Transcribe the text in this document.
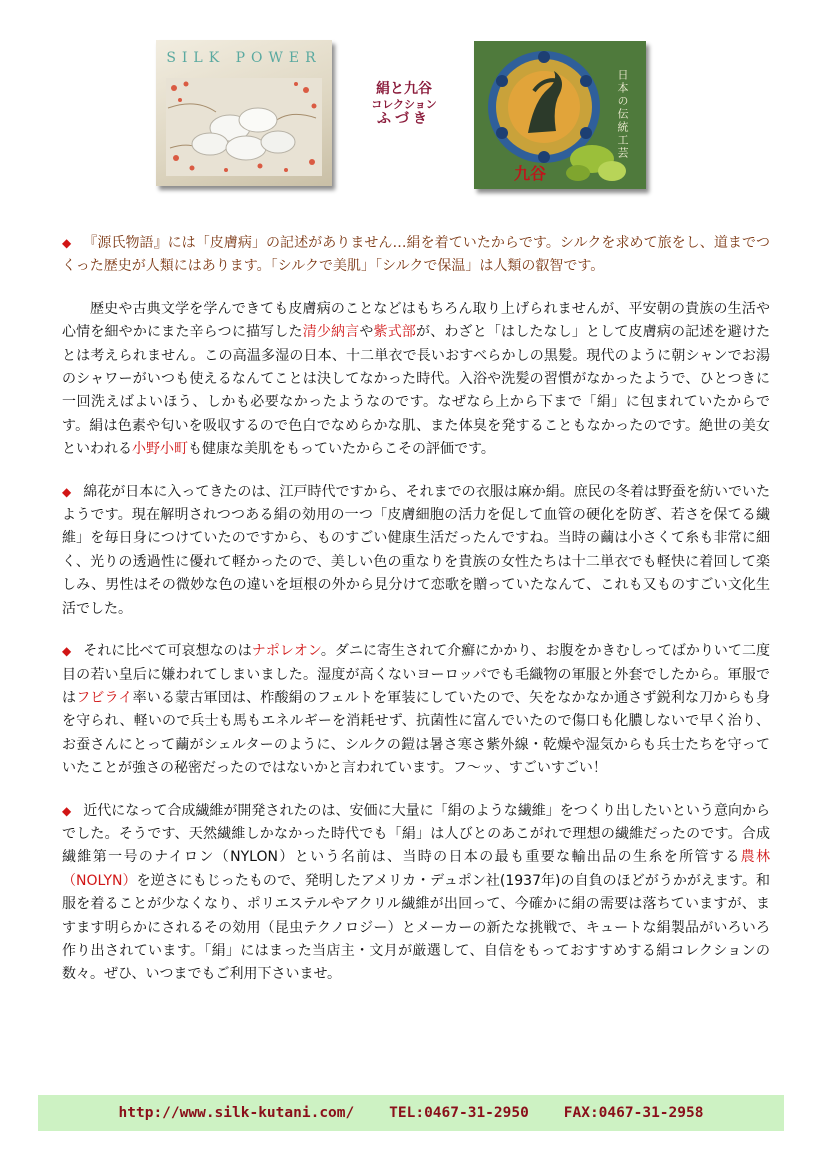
SILK POWER
絹と九谷
コレクション
ふづき	日本の伝統工芸
九谷

◆ 『源氏物語』には「皮膚病」の記述がありません…絹を着ていたからです。シルクを求めて旅をし、道までつくった歴史が人類にはあります。「シルクで美肌」「シルクで保温」は人類の叡智です。

歴史や古典文学を学んできても皮膚病のことなどはもちろん取り上げられませんが、平安朝の貴族の生活や心情を細やかにまた辛らつに描写した清少納言や紫式部が、わざと「はしたなし」として皮膚病の記述を避けたとは考えられません。この高温多湿の日本、十二単衣で長いおすべらかしの黒髪。現代のように朝シャンでお湯のシャワーがいつも使えるなんてことは決してなかった時代。入浴や洗髪の習慣がなかったようで、ひとつきに一回洗えばよいほう、しかも必要なかったようなのです。なぜなら上から下まで「絹」に包まれていたからです。絹は色素や匂いを吸収するので色白でなめらかな肌、また体臭を発することもなかったのです。絶世の美女といわれる小野小町も健康な美肌をもっていたからこその評価です。

◆ 綿花が日本に入ってきたのは、江戸時代ですから、それまでの衣服は麻か絹。庶民の冬着は野蚕を紡いでいたようです。現在解明されつつある絹の効用の一つ「皮膚細胞の活力を促して血管の硬化を防ぎ、若さを保てる繊維」を毎日身につけていたのですから、ものすごい健康生活だったんですね。当時の繭は小さくて糸も非常に細く、光りの透過性に優れて軽かったので、美しい色の重なりを貴族の女性たちは十二単衣でも軽快に着回して楽しみ、男性はその微妙な色の違いを垣根の外から見分けて恋歌を贈っていたなんて、これも又ものすごい文化生活でした。

◆ それに比べて可哀想なのはナポレオン。ダニに寄生されて介癬にかかり、お腹をかきむしってばかりいて二度目の若い皇后に嫌われてしまいました。湿度が高くないヨーロッパでも毛織物の軍服と外套でしたから。軍服ではフビライ率いる蒙古軍団は、柞酸絹のフェルトを軍装にしていたので、矢をなかなか通さず鋭利な刀からも身を守られ、軽いので兵士も馬もエネルギーを消耗せず、抗菌性に富んでいたので傷口も化膿しないで早く治り、お蚕さんにとって繭がシェルターのように、シルクの鎧は暑さ寒さ紫外線・乾燥や湿気からも兵士たちを守っていたことが強さの秘密だったのではないかと言われています。フ〜ッ、すごいすごい！

◆ 近代になって合成繊維が開発されたのは、安価に大量に「絹のような繊維」をつくり出したいという意向からでした。そうです、天然繊維しかなかった時代でも「絹」は人びとのあこがれで理想の繊維だったのです。合成繊維第一号のナイロン（NYLON）という名前は、当時の日本の最も重要な輸出品の生糸を所管する農林（NOLYN）を逆さにもじったもので、発明したアメリカ・デュポン社(1937年)の自負のほどがうかがえます。和服を着ることが少なくなり、ポリエステルやアクリル繊維が出回って、今確かに絹の需要は落ちていますが、ますます明らかにされるその効用（昆虫テクノロジー）とメーカーの新たな挑戦で、キュートな絹製品がいろいろ作り出されています。「絹」にはまった当店主・文月が厳選して、自信をもっておすすめする絹コレクションの数々。ぜひ、いつまでもご利用下さいませ。

http://www.silk-kutani.com/ TEL:0467-31-2950 FAX:0467-31-2958
